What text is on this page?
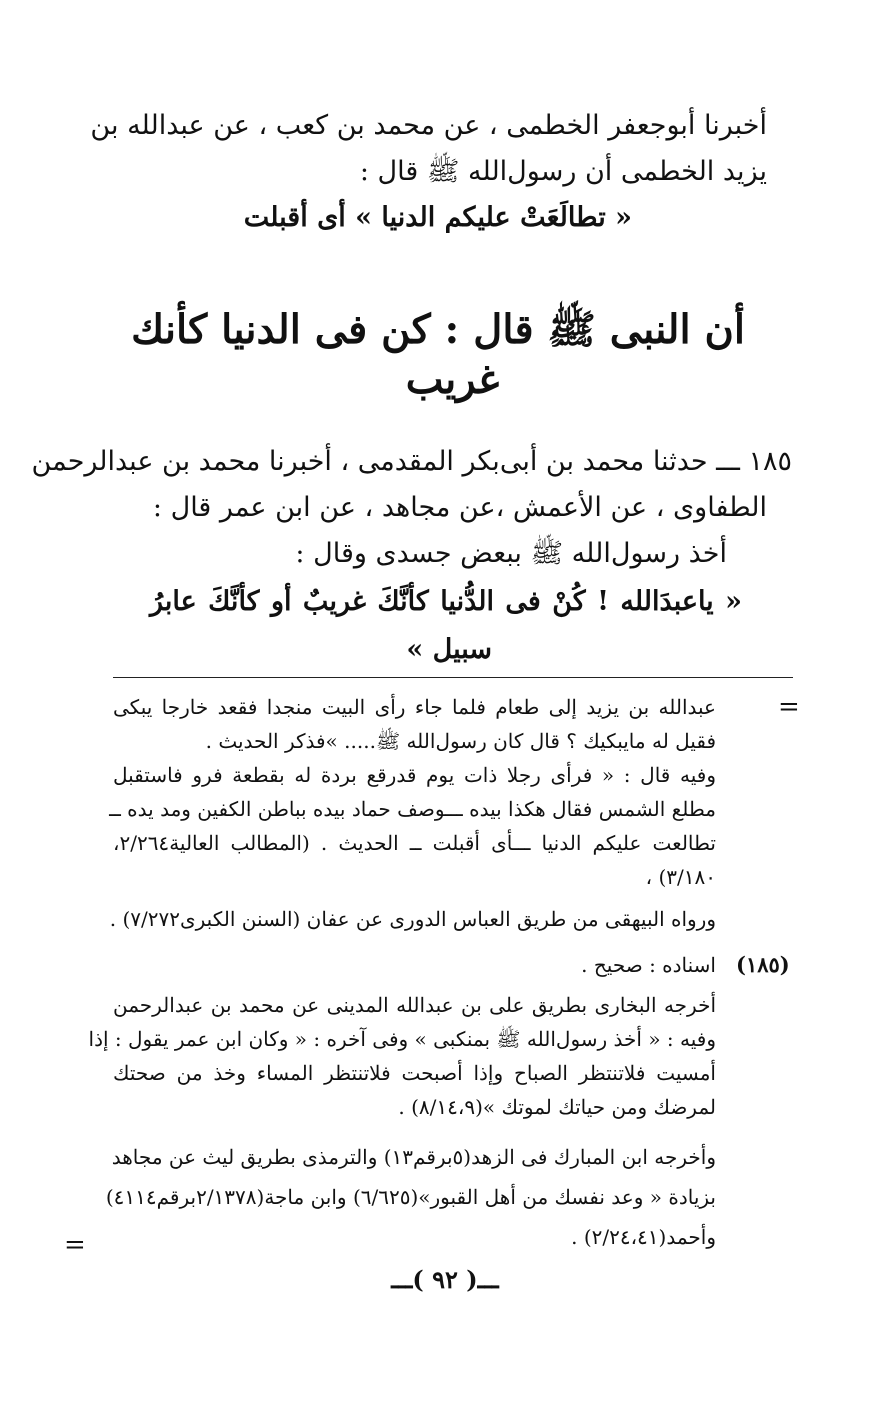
أخبرنا أبوجعفر الخطمى ، عن محمد بن كعب ، عن عبدالله بن
يزيد الخطمى أن رسول‌الله ﷺ قال :
« تطالَعَتْ عليكم الدنيا » أى أقبلت
أن النبى ﷺ قال : كن فى الدنيا كأنك
غريب
١٨٥ ـــ حدثنا محمد بن أبى‌بكر المقدمى ، أخبرنا محمد بن عبدالرحمن
الطفاوى ، عن الأعمش ،عن مجاهد ، عن ابن عمر قال :
أخذ رسول‌الله ﷺ ببعض جسدى وقال :
« ياعبدَالله ! كُنْ فى الدُّنيا كأنَّكَ غريبٌ أو كأنَّكَ عابرُ
سبيل »
=
عبدالله بن يزيد إلى طعام فلما جاء رأى البيت منجدا فقعد خارجا يبكى
فقيل له مايبكيك ؟ قال كان رسول‌الله ﷺ..... »فذكر الحديث .
وفيه قال : « فرأى رجلا ذات يوم قدرقع بردة له بقطعة فرو فاستقبل
مطلع الشمس فقال هكذا بيده ـــوصف حماد بيده بباطن الكفين ومد يده ــ
تطالعت عليكم الدنيا ـــأى أقبلت ــ الحديث . (المطالب العالية٢/٢٦٤،
٣/١٨٠) ،
ورواه البيهقى من طريق العباس الدورى عن عفان (السنن الكبرى٧/٢٧٢) .
(١٨٥)
اسناده : صحيح .
أخرجه البخارى بطريق على بن عبدالله المدينى عن محمد بن عبدالرحمن
وفيه : « أخذ رسول‌الله ﷺ بمنكبى » وفى آخره : « وكان ابن عمر يقول : إذا
أمسيت فلاتنتظر الصباح وإذا أصبحت فلاتنتظر المساء وخذ من صحتك
لمرضك ومن حياتك لموتك »(٨/١٤،٩) .
وأخرجه ابن المبارك فى الزهد(٥برقم١٣) والترمذى بطريق ليث عن مجاهد
بزيادة « وعد نفسك من أهل القبور»(٦/٦٢٥) وابن ماجة(٢/١٣٧٨برقم٤١١٤)
وأحمد(٢/٢٤،٤١) .
=
ـــ( ٩٢ )ـــ
